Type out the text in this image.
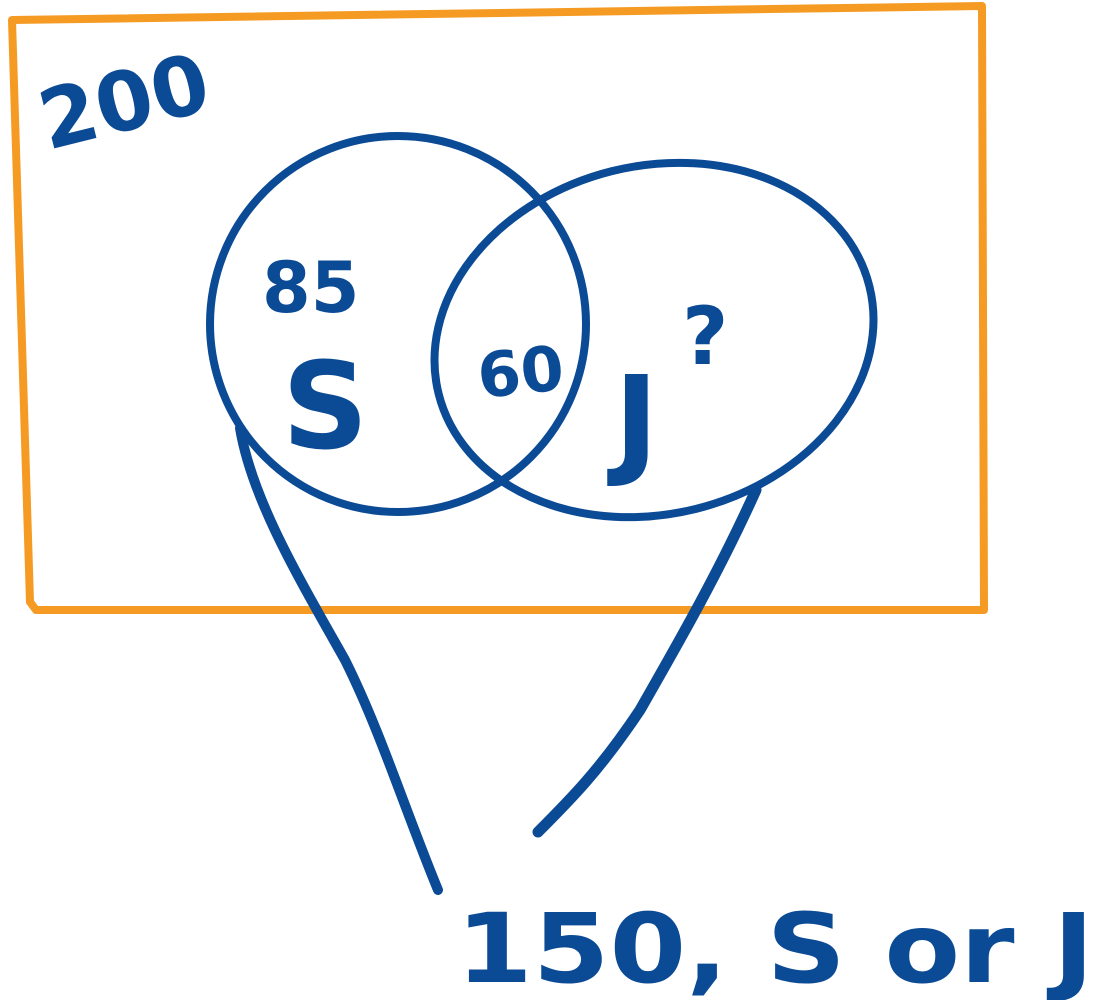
200
85
S 60 ?
J
150, S or J
